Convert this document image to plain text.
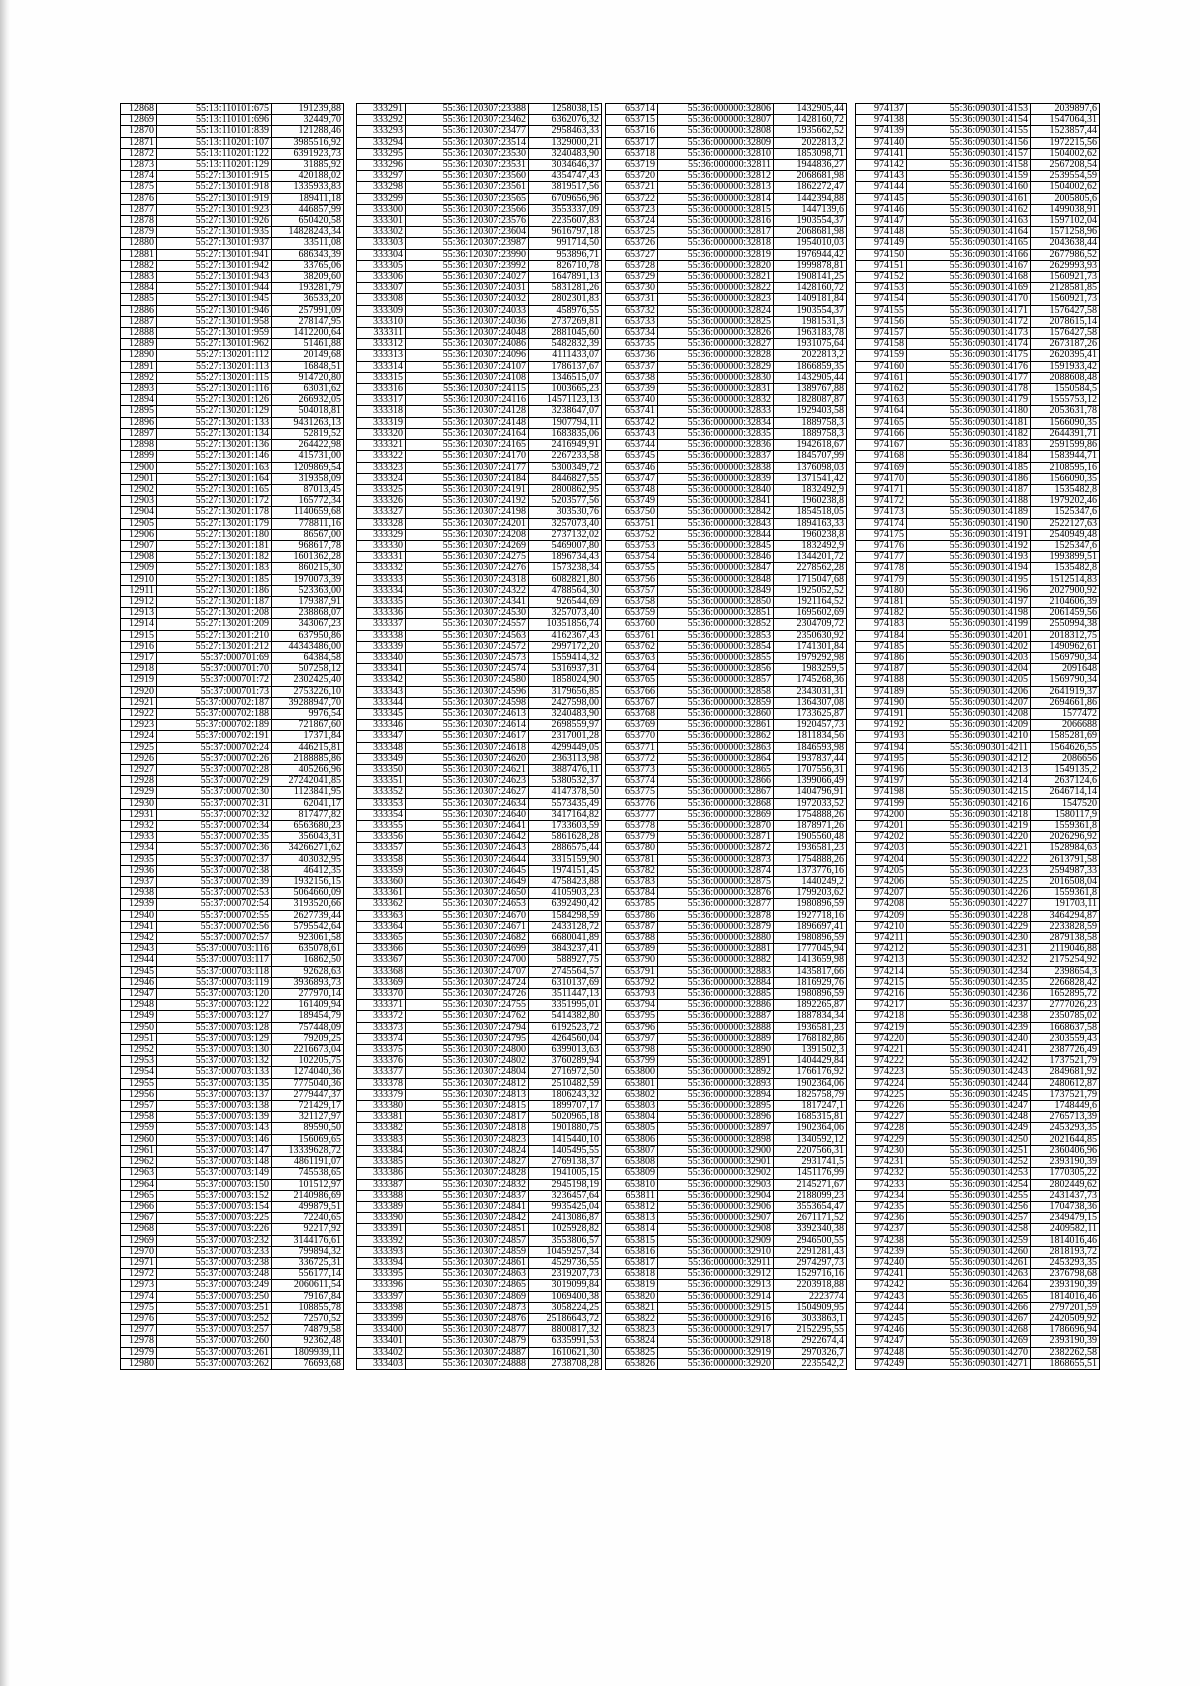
12868	55:13:110101:675	191239,88
12869	55:13:110101:696	32449,70
12870	55:13:110101:839	121288,46
12871	55:13:110201:107	3985516,92
12872	55:13:110201:122	6391923,73
12873	55:13:110201:129	31885,92
12874	55:27:130101:915	420188,02
12875	55:27:130101:918	1335933,83
12876	55:27:130101:919	189411,18
12877	55:27:130101:923	446857,99
12878	55:27:130101:926	650420,58
12879	55:27:130101:935	14828243,34
12880	55:27:130101:937	33511,08
12881	55:27:130101:941	686343,39
12882	55:27:130101:942	33765,06
12883	55:27:130101:943	38209,60
12884	55:27:130101:944	193281,79
12885	55:27:130101:945	36533,20
12886	55:27:130101:946	257991,09
12887	55:27:130101:958	278147,95
12888	55:27:130101:959	1412200,64
12889	55:27:130101:962	51461,88
12890	55:27:130201:112	20149,68
12891	55:27:130201:113	16848,51
12892	55:27:130201:115	914720,80
12893	55:27:130201:116	63031,62
12894	55:27:130201:126	266932,05
12895	55:27:130201:129	504018,81
12896	55:27:130201:133	9431263,13
12897	55:27:130201:134	52819,52
12898	55:27:130201:136	264422,98
12899	55:27:130201:146	415731,00
12900	55:27:130201:163	1209869,54
12901	55:27:130201:164	319358,09
12902	55:27:130201:165	87013,45
12903	55:27:130201:172	165772,34
12904	55:27:130201:178	1140659,68
12905	55:27:130201:179	778811,16
12906	55:27:130201:180	86567,00
12907	55:27:130201:181	968617,78
12908	55:27:130201:182	1601362,28
12909	55:27:130201:183	860215,30
12910	55:27:130201:185	1970073,39
12911	55:27:130201:186	523363,00
12912	55:27:130201:187	179387,91
12913	55:27:130201:208	238868,07
12914	55:27:130201:209	343067,23
12915	55:27:130201:210	637950,86
12916	55:27:130201:212	44343486,00
12917	55:37:000701:69	64384,58
12918	55:37:000701:70	507258,12
12919	55:37:000701:72	2302425,40
12920	55:37:000701:73	2753226,10
12921	55:37:000702:187	39288947,70
12922	55:37:000702:188	9976,54
12923	55:37:000702:189	721867,60
12924	55:37:000702:191	17371,84
12925	55:37:000702:24	446215,81
12926	55:37:000702:26	2188885,86
12927	55:37:000702:28	405266,96
12928	55:37:000702:29	27242041,85
12929	55:37:000702:30	1123841,95
12930	55:37:000702:31	62041,17
12931	55:37:000702:32	817477,82
12932	55:37:000702:34	6563680,23
12933	55:37:000702:35	356043,31
12934	55:37:000702:36	34266271,62
12935	55:37:000702:37	403032,95
12936	55:37:000702:38	46412,35
12937	55:37:000702:39	1932156,15
12938	55:37:000702:53	5064660,09
12939	55:37:000702:54	3193520,66
12940	55:37:000702:55	2627739,44
12941	55:37:000702:56	5795542,64
12942	55:37:000702:57	923061,58
12943	55:37:000703:116	635078,61
12944	55:37:000703:117	16862,50
12945	55:37:000703:118	92628,63
12946	55:37:000703:119	3936893,73
12947	55:37:000703:120	277970,14
12948	55:37:000703:122	161409,94
12949	55:37:000703:127	189454,79
12950	55:37:000703:128	757448,09
12951	55:37:000703:129	79209,25
12952	55:37:000703:130	2216673,04
12953	55:37:000703:132	102205,75
12954	55:37:000703:133	1274040,36
12955	55:37:000703:135	7775040,36
12956	55:37:000703:137	2779447,37
12957	55:37:000703:138	721429,17
12958	55:37:000703:139	321127,97
12959	55:37:000703:143	89590,50
12960	55:37:000703:146	156069,65
12961	55:37:000703:147	13339628,72
12962	55:37:000703:148	4861191,07
12963	55:37:000703:149	745538,65
12964	55:37:000703:150	101512,97
12965	55:37:000703:152	2140986,69
12966	55:37:000703:154	499879,51
12967	55:37:000703:225	72240,65
12968	55:37:000703:226	92217,92
12969	55:37:000703:232	3144176,61
12970	55:37:000703:233	799894,32
12971	55:37:000703:238	336725,31
12972	55:37:000703:248	556177,14
12973	55:37:000703:249	2060611,54
12974	55:37:000703:250	79167,84
12975	55:37:000703:251	108855,78
12976	55:37:000703:252	72570,52
12977	55:37:000703:257	74879,58
12978	55:37:000703:260	92362,48
12979	55:37:000703:261	1809939,11
12980	55:37:000703:262	76693,68
333291	55:36:120307:23388	1258038,15
333292	55:36:120307:23462	6362076,32
333293	55:36:120307:23477	2958463,33
333294	55:36:120307:23514	1329000,21
333295	55:36:120307:23530	3240483,90
333296	55:36:120307:23531	3034646,37
333297	55:36:120307:23560	4354747,43
333298	55:36:120307:23561	3819517,56
333299	55:36:120307:23565	6709656,96
333300	55:36:120307:23566	3553337,09
333301	55:36:120307:23576	2235607,83
333302	55:36:120307:23604	9616797,18
333303	55:36:120307:23987	991714,50
333304	55:36:120307:23990	953896,71
333305	55:36:120307:23992	826710,78
333306	55:36:120307:24027	1647891,13
333307	55:36:120307:24031	5831281,26
333308	55:36:120307:24032	2802301,83
333309	55:36:120307:24033	458976,55
333310	55:36:120307:24036	2737269,81
333311	55:36:120307:24048	2881045,60
333312	55:36:120307:24086	5482832,39
333313	55:36:120307:24096	4111433,07
333314	55:36:120307:24107	1786137,67
333315	55:36:120307:24108	1346515,07
333316	55:36:120307:24115	1003665,23
333317	55:36:120307:24116	14571123,13
333318	55:36:120307:24128	3238647,07
333319	55:36:120307:24148	1907794,11
333320	55:36:120307:24164	1683835,06
333321	55:36:120307:24165	2416949,91
333322	55:36:120307:24170	2267233,58
333323	55:36:120307:24177	5300349,72
333324	55:36:120307:24184	8446827,55
333325	55:36:120307:24191	2800862,95
333326	55:36:120307:24192	5203577,56
333327	55:36:120307:24198	303530,76
333328	55:36:120307:24201	3257073,40
333329	55:36:120307:24208	2737132,02
333330	55:36:120307:24269	5469007,80
333331	55:36:120307:24275	1896734,43
333332	55:36:120307:24276	1573238,34
333333	55:36:120307:24318	6082821,80
333334	55:36:120307:24322	4788564,30
333335	55:36:120307:24341	926544,69
333336	55:36:120307:24530	3257073,40
333337	55:36:120307:24557	10351856,74
333338	55:36:120307:24563	4162367,43
333339	55:36:120307:24572	2997172,20
333340	55:36:120307:24573	1559414,32
333341	55:36:120307:24574	5316937,31
333342	55:36:120307:24580	1858024,90
333343	55:36:120307:24596	3179656,85
333344	55:36:120307:24598	2427598,00
333345	55:36:120307:24613	3240483,90
333346	55:36:120307:24614	2698559,97
333347	55:36:120307:24617	2317001,28
333348	55:36:120307:24618	4299449,05
333349	55:36:120307:24620	2363113,98
333350	55:36:120307:24621	3887476,11
333351	55:36:120307:24623	5380532,37
333352	55:36:120307:24627	4147378,50
333353	55:36:120307:24634	5573435,49
333354	55:36:120307:24640	3417164,82
333355	55:36:120307:24641	1733603,59
333356	55:36:120307:24642	5861628,28
333357	55:36:120307:24643	2886575,44
333358	55:36:120307:24644	3315159,90
333359	55:36:120307:24645	1974151,45
333360	55:36:120307:24649	4758423,88
333361	55:36:120307:24650	4105903,23
333362	55:36:120307:24653	6392490,42
333363	55:36:120307:24670	1584298,59
333364	55:36:120307:24671	2433128,72
333365	55:36:120307:24682	6680041,89
333366	55:36:120307:24699	3843237,41
333367	55:36:120307:24700	588927,75
333368	55:36:120307:24707	2745564,57
333369	55:36:120307:24724	6310137,69
333370	55:36:120307:24726	3511447,13
333371	55:36:120307:24755	3351995,01
333372	55:36:120307:24762	5414382,80
333373	55:36:120307:24794	6192523,72
333374	55:36:120307:24795	4264560,04
333375	55:36:120307:24800	6399013,63
333376	55:36:120307:24802	3760289,94
333377	55:36:120307:24804	2716972,50
333378	55:36:120307:24812	2510482,59
333379	55:36:120307:24813	1806243,32
333380	55:36:120307:24815	1899707,17
333381	55:36:120307:24817	5020965,18
333382	55:36:120307:24818	1901880,75
333383	55:36:120307:24823	1415440,10
333384	55:36:120307:24824	1405495,55
333385	55:36:120307:24827	2769138,37
333386	55:36:120307:24828	1941005,15
333387	55:36:120307:24832	2945198,19
333388	55:36:120307:24837	3236457,64
333389	55:36:120307:24841	9935425,04
333390	55:36:120307:24842	2413086,87
333391	55:36:120307:24851	1025928,82
333392	55:36:120307:24857	3553806,57
333393	55:36:120307:24859	10459257,34
333394	55:36:120307:24861	4529736,55
333395	55:36:120307:24863	2319207,73
333396	55:36:120307:24865	3019099,84
333397	55:36:120307:24869	1069400,38
333398	55:36:120307:24873	3058224,25
333399	55:36:120307:24876	25186643,72
333400	55:36:120307:24877	8800817,32
333401	55:36:120307:24879	6335991,53
333402	55:36:120307:24887	1610621,30
333403	55:36:120307:24888	2738708,28
653714	55:36:000000:32806	1432905,44
653715	55:36:000000:32807	1428160,72
653716	55:36:000000:32808	1935662,52
653717	55:36:000000:32809	2022813,2
653718	55:36:000000:32810	1853098,71
653719	55:36:000000:32811	1944836,27
653720	55:36:000000:32812	2068681,98
653721	55:36:000000:32813	1862272,47
653722	55:36:000000:32814	1442394,88
653723	55:36:000000:32815	1447139,6
653724	55:36:000000:32816	1903554,37
653725	55:36:000000:32817	2068681,98
653726	55:36:000000:32818	1954010,03
653727	55:36:000000:32819	1976944,42
653728	55:36:000000:32820	1999878,81
653729	55:36:000000:32821	1908141,25
653730	55:36:000000:32822	1428160,72
653731	55:36:000000:32823	1409181,84
653732	55:36:000000:32824	1903554,37
653733	55:36:000000:32825	1981531,3
653734	55:36:000000:32826	1963183,78
653735	55:36:000000:32827	1931075,64
653736	55:36:000000:32828	2022813,2
653737	55:36:000000:32829	1866859,35
653738	55:36:000000:32830	1432905,44
653739	55:36:000000:32831	1389767,88
653740	55:36:000000:32832	1828087,87
653741	55:36:000000:32833	1929403,58
653742	55:36:000000:32834	1889758,3
653743	55:36:000000:32835	1889758,3
653744	55:36:000000:32836	1942618,67
653745	55:36:000000:32837	1845707,99
653746	55:36:000000:32838	1376098,03
653747	55:36:000000:32839	1371541,42
653748	55:36:000000:32840	1832492,9
653749	55:36:000000:32841	1960238,8
653750	55:36:000000:32842	1854518,05
653751	55:36:000000:32843	1894163,33
653752	55:36:000000:32844	1960238,8
653753	55:36:000000:32845	1832492,9
653754	55:36:000000:32846	1344201,72
653755	55:36:000000:32847	2278562,28
653756	55:36:000000:32848	1715047,68
653757	55:36:000000:32849	1925052,52
653758	55:36:000000:32850	1921164,52
653759	55:36:000000:32851	1695602,69
653760	55:36:000000:32852	2304709,72
653761	55:36:000000:32853	2350630,92
653762	55:36:000000:32854	1741301,84
653763	55:36:000000:32855	1979292,98
653764	55:36:000000:32856	1983259,5
653765	55:36:000000:32857	1745268,36
653766	55:36:000000:32858	2343031,31
653767	55:36:000000:32859	1364307,08
653768	55:36:000000:32860	1733625,87
653769	55:36:000000:32861	1920457,73
653770	55:36:000000:32862	1811834,56
653771	55:36:000000:32863	1846593,98
653772	55:36:000000:32864	1937837,44
653773	55:36:000000:32865	1707556,31
653774	55:36:000000:32866	1399066,49
653775	55:36:000000:32867	1404796,91
653776	55:36:000000:32868	1972033,52
653777	55:36:000000:32869	1754888,26
653778	55:36:000000:32870	1878971,26
653779	55:36:000000:32871	1905560,48
653780	55:36:000000:32872	1936581,23
653781	55:36:000000:32873	1754888,26
653782	55:36:000000:32874	1373776,16
653783	55:36:000000:32875	1440249,2
653784	55:36:000000:32876	1799203,62
653785	55:36:000000:32877	1980896,59
653786	55:36:000000:32878	1927718,16
653787	55:36:000000:32879	1896697,41
653788	55:36:000000:32880	1980896,59
653789	55:36:000000:32881	1777045,94
653790	55:36:000000:32882	1413659,98
653791	55:36:000000:32883	1435817,66
653792	55:36:000000:32884	1816929,76
653793	55:36:000000:32885	1980896,59
653794	55:36:000000:32886	1892265,87
653795	55:36:000000:32887	1887834,34
653796	55:36:000000:32888	1936581,23
653797	55:36:000000:32889	1768182,86
653798	55:36:000000:32890	1391502,3
653799	55:36:000000:32891	1404429,84
653800	55:36:000000:32892	1766176,92
653801	55:36:000000:32893	1902364,06
653802	55:36:000000:32894	1825758,79
653803	55:36:000000:32895	1817247,1
653804	55:36:000000:32896	1685315,81
653805	55:36:000000:32897	1902364,06
653806	55:36:000000:32898	1340592,12
653807	55:36:000000:32900	2207566,31
653808	55:36:000000:32901	2931741,5
653809	55:36:000000:32902	1451176,99
653810	55:36:000000:32903	2145271,67
653811	55:36:000000:32904	2188099,23
653812	55:36:000000:32906	3553654,47
653813	55:36:000000:32907	2671171,52
653814	55:36:000000:32908	3392340,38
653815	55:36:000000:32909	2946500,55
653816	55:36:000000:32910	2291281,43
653817	55:36:000000:32911	2974297,73
653818	55:36:000000:32912	1529716,16
653819	55:36:000000:32913	2203918,88
653820	55:36:000000:32914	2223774
653821	55:36:000000:32915	1504909,95
653822	55:36:000000:32916	3033863,1
653823	55:36:000000:32917	2152295,55
653824	55:36:000000:32918	2922674,4
653825	55:36:000000:32919	2970326,7
653826	55:36:000000:32920	2235542,2
974137	55:36:090301:4153	2039897,6
974138	55:36:090301:4154	1547064,31
974139	55:36:090301:4155	1523857,44
974140	55:36:090301:4156	1972215,56
974141	55:36:090301:4157	1504002,62
974142	55:36:090301:4158	2567208,54
974143	55:36:090301:4159	2539554,59
974144	55:36:090301:4160	1504002,62
974145	55:36:090301:4161	2005805,6
974146	55:36:090301:4162	1499038,91
974147	55:36:090301:4163	1597102,04
974148	55:36:090301:4164	1571258,96
974149	55:36:090301:4165	2043638,44
974150	55:36:090301:4166	2677986,52
974151	55:36:090301:4167	2629993,93
974152	55:36:090301:4168	1560921,73
974153	55:36:090301:4169	2128581,85
974154	55:36:090301:4170	1560921,73
974155	55:36:090301:4171	1576427,58
974156	55:36:090301:4172	2078615,14
974157	55:36:090301:4173	1576427,58
974158	55:36:090301:4174	2673187,26
974159	55:36:090301:4175	2620395,41
974160	55:36:090301:4176	1591933,42
974161	55:36:090301:4177	2088608,48
974162	55:36:090301:4178	1550584,5
974163	55:36:090301:4179	1555753,12
974164	55:36:090301:4180	2053631,78
974165	55:36:090301:4181	1566090,35
974166	55:36:090301:4182	2644391,71
974167	55:36:090301:4183	2591599,86
974168	55:36:090301:4184	1583944,71
974169	55:36:090301:4185	2108595,16
974170	55:36:090301:4186	1566090,35
974171	55:36:090301:4187	1535482,8
974172	55:36:090301:4188	1979202,46
974173	55:36:090301:4189	1525347,6
974174	55:36:090301:4190	2522127,63
974175	55:36:090301:4191	2540949,48
974176	55:36:090301:4192	1525347,6
974177	55:36:090301:4193	1993899,51
974178	55:36:090301:4194	1535482,8
974179	55:36:090301:4195	1512514,83
974180	55:36:090301:4196	2027900,92
974181	55:36:090301:4197	2104606,39
974182	55:36:090301:4198	2061459,56
974183	55:36:090301:4199	2550994,38
974184	55:36:090301:4201	2018312,75
974185	55:36:090301:4202	1490962,61
974186	55:36:090301:4203	1569790,34
974187	55:36:090301:4204	2091648
974188	55:36:090301:4205	1569790,34
974189	55:36:090301:4206	2641919,37
974190	55:36:090301:4207	2694661,86
974191	55:36:090301:4208	1577472
974192	55:36:090301:4209	2066688
974193	55:36:090301:4210	1585281,69
974194	55:36:090301:4211	1564626,55
974195	55:36:090301:4212	2086656
974196	55:36:090301:4213	1549135,2
974197	55:36:090301:4214	2637124,6
974198	55:36:090301:4215	2646714,14
974199	55:36:090301:4216	1547520
974200	55:36:090301:4218	1580117,9
974201	55:36:090301:4219	1559361,8
974202	55:36:090301:4220	2026296,92
974203	55:36:090301:4221	1528984,63
974204	55:36:090301:4222	2613791,58
974205	55:36:090301:4223	2594987,33
974206	55:36:090301:4225	2016508,04
974207	55:36:090301:4226	1559361,8
974208	55:36:090301:4227	191703,11
974209	55:36:090301:4228	3464294,87
974210	55:36:090301:4229	2233828,59
974211	55:36:090301:4230	2879138,58
974212	55:36:090301:4231	2119046,88
974213	55:36:090301:4232	2175254,92
974214	55:36:090301:4234	2398654,3
974215	55:36:090301:4235	2266828,42
974216	55:36:090301:4236	1652895,72
974217	55:36:090301:4237	2777026,23
974218	55:36:090301:4238	2350785,02
974219	55:36:090301:4239	1668637,58
974220	55:36:090301:4240	2303559,43
974221	55:36:090301:4241	2387726,49
974222	55:36:090301:4242	1737521,79
974223	55:36:090301:4243	2849681,92
974224	55:36:090301:4244	2480612,87
974225	55:36:090301:4245	1737521,79
974226	55:36:090301:4247	1748449,6
974227	55:36:090301:4248	2765713,39
974228	55:36:090301:4249	2453293,35
974229	55:36:090301:4250	2021644,85
974230	55:36:090301:4251	2360406,96
974231	55:36:090301:4252	2393190,39
974232	55:36:090301:4253	1770305,22
974233	55:36:090301:4254	2802449,62
974234	55:36:090301:4255	2431437,73
974235	55:36:090301:4256	1704738,36
974236	55:36:090301:4257	2349479,15
974237	55:36:090301:4258	2409582,11
974238	55:36:090301:4259	1814016,46
974239	55:36:090301:4260	2818193,72
974240	55:36:090301:4261	2453293,35
974241	55:36:090301:4263	2376798,68
974242	55:36:090301:4264	2393190,39
974243	55:36:090301:4265	1814016,46
974244	55:36:090301:4266	2797201,59
974245	55:36:090301:4267	2420509,92
974246	55:36:090301:4268	1786696,94
974247	55:36:090301:4269	2393190,39
974248	55:36:090301:4270	2382262,58
974249	55:36:090301:4271	1868655,51
